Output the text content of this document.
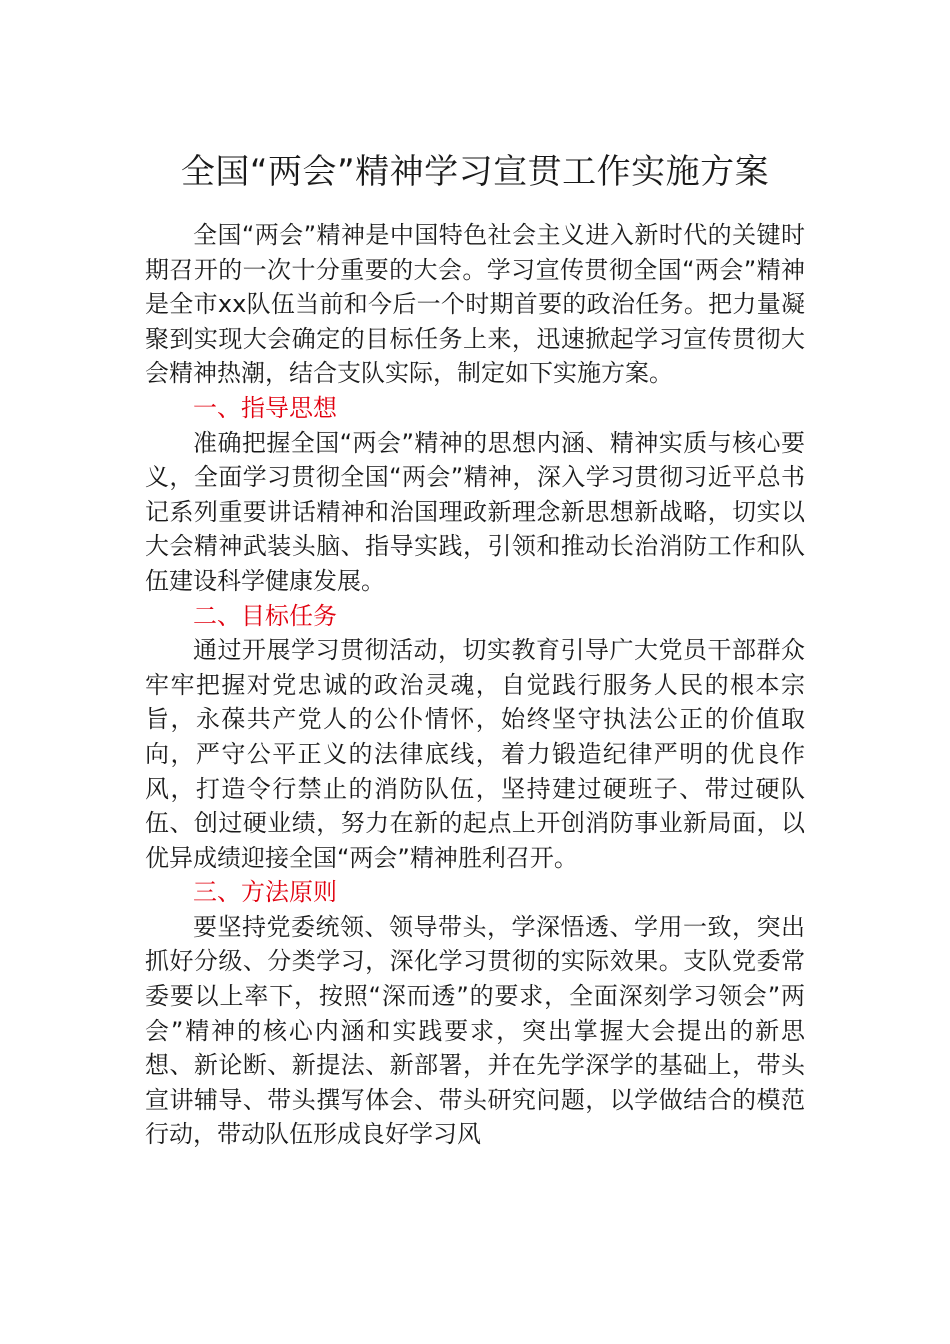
全国“两会”精神学习宣贯工作实施方案

全国“两会”精神是中国特色社会主义进入新时代的关键时期召开的一次十分重要的大会。学习宣传贯彻全国“两会”精神是全市xx队伍当前和今后一个时期首要的政治任务。把力量凝聚到实现大会确定的目标任务上来，迅速掀起学习宣传贯彻大会精神热潮，结合支队实际，制定如下实施方案。

一、指导思想

准确把握全国“两会”精神的思想内涵、精神实质与核心要义，全面学习贯彻全国“两会”精神，深入学习贯彻习近平总书记系列重要讲话精神和治国理政新理念新思想新战略，切实以大会精神武装头脑、指导实践，引领和推动长治消防工作和队伍建设科学健康发展。

二、目标任务

通过开展学习贯彻活动，切实教育引导广大党员干部群众牢牢把握对党忠诚的政治灵魂，自觉践行服务人民的根本宗旨，永葆共产党人的公仆情怀，始终坚守执法公正的价值取向，严守公平正义的法律底线，着力锻造纪律严明的优良作风，打造令行禁止的消防队伍，坚持建过硬班子、带过硬队伍、创过硬业绩，努力在新的起点上开创消防事业新局面，以优异成绩迎接全国“两会”精神胜利召开。

三、方法原则

要坚持党委统领、领导带头，学深悟透、学用一致，突出抓好分级、分类学习，深化学习贯彻的实际效果。支队党委常委要以上率下，按照“深而透”的要求，全面深刻学习领会”两会”精神的核心内涵和实践要求，突出掌握大会提出的新思想、新论断、新提法、新部署，并在先学深学的基础上，带头宣讲辅导、带头撰写体会、带头研究问题，以学做结合的模范行动，带动队伍形成良好学习风
